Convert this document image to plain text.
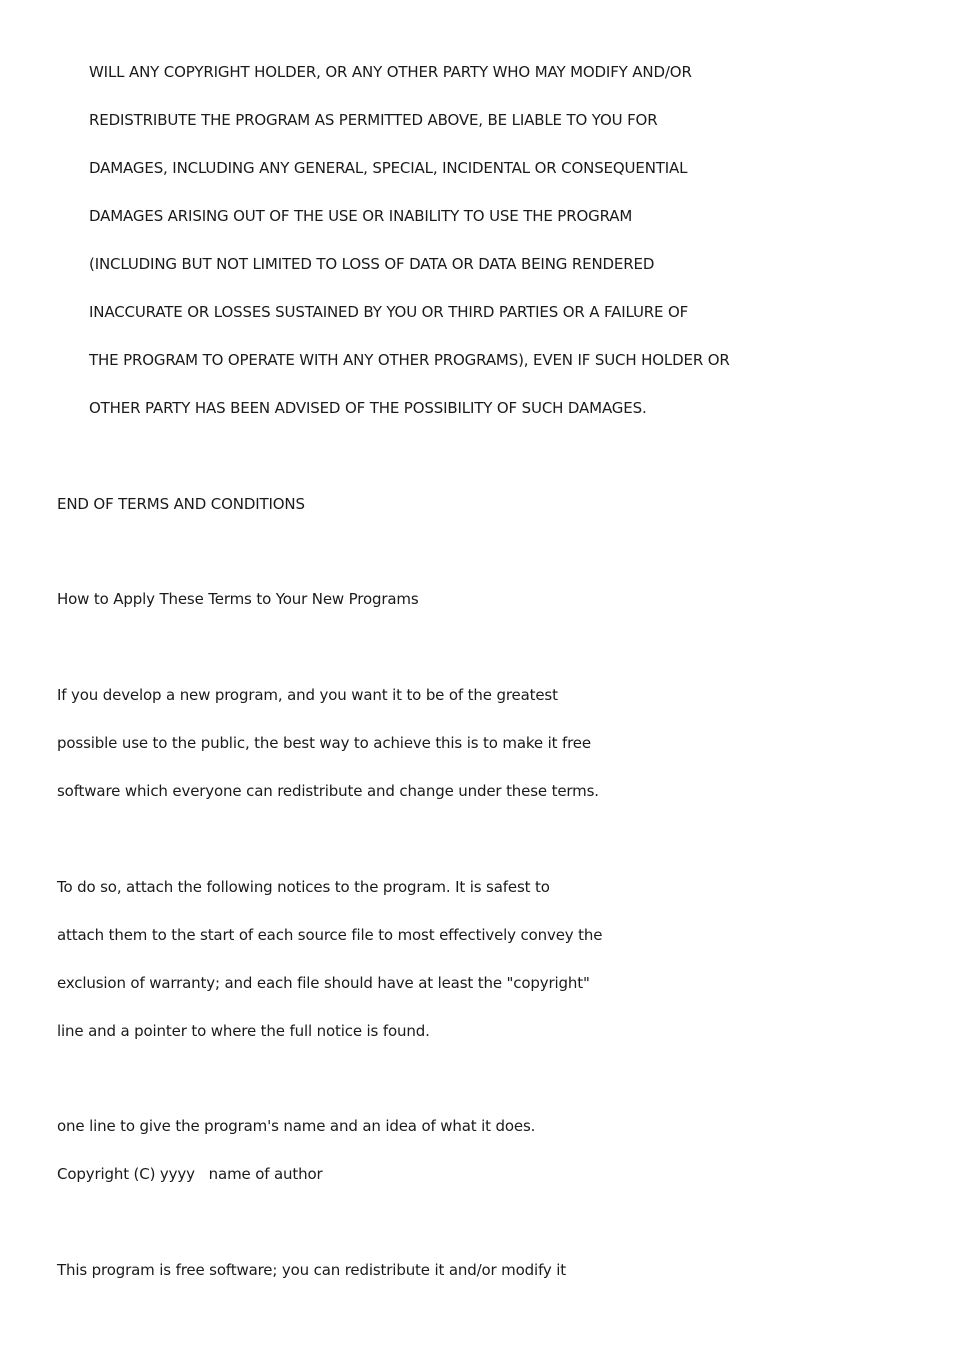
WILL ANY COPYRIGHT HOLDER, OR ANY OTHER PARTY WHO MAY MODIFY AND/OR
REDISTRIBUTE THE PROGRAM AS PERMITTED ABOVE, BE LIABLE TO YOU FOR
DAMAGES, INCLUDING ANY GENERAL, SPECIAL, INCIDENTAL OR CONSEQUENTIAL
DAMAGES ARISING OUT OF THE USE OR INABILITY TO USE THE PROGRAM
(INCLUDING BUT NOT LIMITED TO LOSS OF DATA OR DATA BEING RENDERED
INACCURATE OR LOSSES SUSTAINED BY YOU OR THIRD PARTIES OR A FAILURE OF
THE PROGRAM TO OPERATE WITH ANY OTHER PROGRAMS), EVEN IF SUCH HOLDER OR
OTHER PARTY HAS BEEN ADVISED OF THE POSSIBILITY OF SUCH DAMAGES.
END OF TERMS AND CONDITIONS
How to Apply These Terms to Your New Programs
If you develop a new program, and you want it to be of the greatest
possible use to the public, the best way to achieve this is to make it free
software which everyone can redistribute and change under these terms.
To do so, attach the following notices to the program. It is safest to
attach them to the start of each source file to most effectively convey the
exclusion of warranty; and each file should have at least the "copyright"
line and a pointer to where the full notice is found.
one line to give the program's name and an idea of what it does.
Copyright (C) yyyy   name of author
This program is free software; you can redistribute it and/or modify it
